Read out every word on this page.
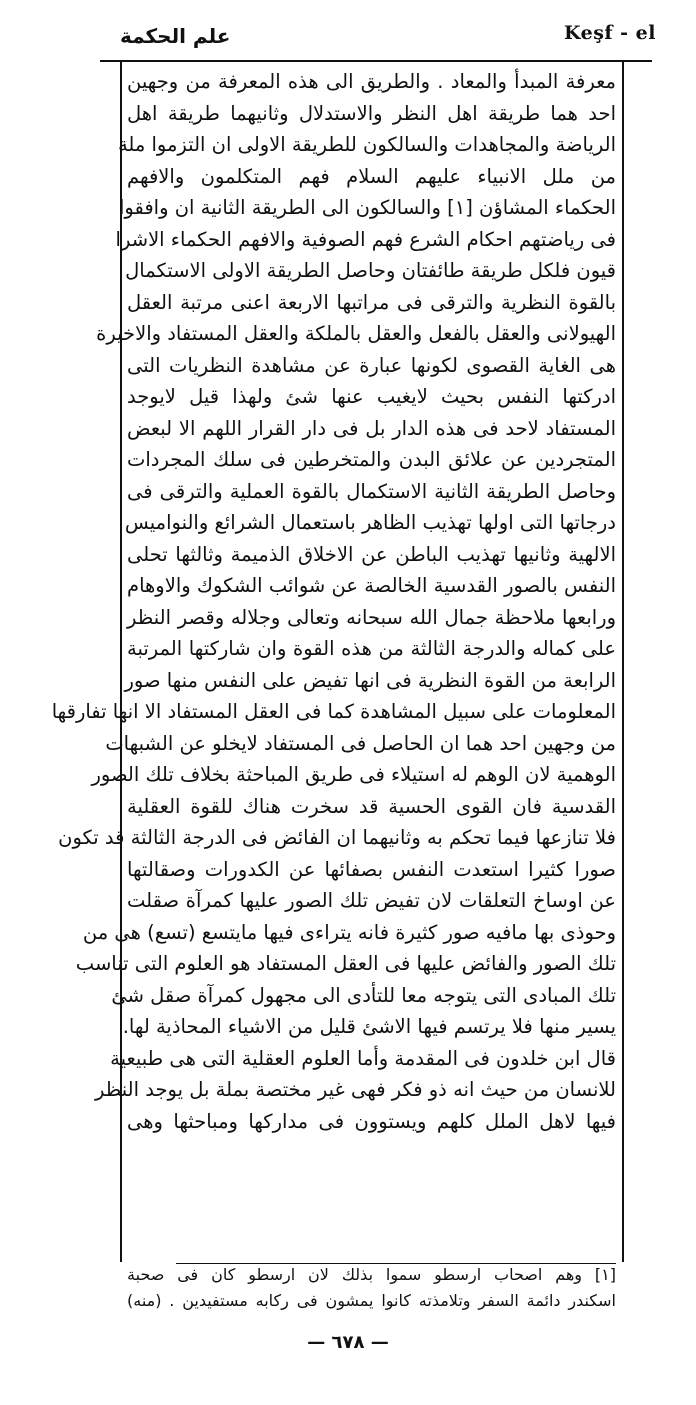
علم الحكمة	Keşf - el
معرفة المبدأ والمعاد . والطريق الى هذه المعرفة من وجهين
احد هما طريقة اهل النظر والاستدلال وثانيهما طريقة اهل
الرياضة والمجاهدات والسالكون للطريقة الاولى ان التزموا ملة
من ملل الانبياء عليهم السلام فهم المتكلمون والافهم
الحكماء المشاؤن [١] والسالكون الى الطريقة الثانية ان وافقوا
فى رياضتهم احكام الشرع فهم الصوفية والافهم الحكماء الاشرا
قيون فلكل طريقة طائفتان وحاصل الطريقة الاولى الاستكمال
بالقوة النظرية والترقى فى مراتبها الاربعة اعنى مرتبة العقل
الهيولانى والعقل بالفعل والعقل بالملكة والعقل المستفاد والاخيرة
هى الغاية القصوى لكونها عبارة عن مشاهدة النظريات التى
ادركتها النفس بحيث لايغيب عنها شئ ولهذا قيل لايوجد
المستفاد لاحد فى هذه الدار بل فى دار القرار اللهم الا لبعض
المتجردين عن علائق البدن والمتخرطين فى سلك المجردات
وحاصل الطريقة الثانية الاستكمال بالقوة العملية والترقى فى
درجاتها التى اولها تهذيب الظاهر باستعمال الشرائع والنواميس
الالهية وثانيها تهذيب الباطن عن الاخلاق الذميمة وثالثها تحلى
النفس بالصور القدسية الخالصة عن شوائب الشكوك والاوهام
ورابعها ملاحظة جمال الله سبحانه وتعالى وجلاله وقصر النظر
على كماله والدرجة الثالثة من هذه القوة وان شاركتها المرتبة
الرابعة من القوة النظرية فى انها تفيض على النفس منها صور
المعلومات على سبيل المشاهدة كما فى العقل المستفاد الا انها تفارقها
من وجهين احد هما ان الحاصل فى المستفاد لايخلو عن الشبهات
الوهمية لان الوهم له استيلاء فى طريق المباحثة بخلاف تلك الصور
القدسية فان القوى الحسية قد سخرت هناك للقوة العقلية
فلا تنازعها فيما تحكم به وثانيهما ان الفائض فى الدرجة الثالثة قد تكون
صورا كثيرا استعدت النفس بصفائها عن الكدورات وصقالتها
عن اوساخ التعلقات لان تفيض تلك الصور عليها كمرآة صقلت
وحوذى بها مافيه صور كثيرة فانه يتراءى فيها مايتسع (تسع) هى من
تلك الصور والفائض عليها فى العقل المستفاد هو العلوم التى تناسب
تلك المبادى التى يتوجه معا للتأدى الى مجهول كمرآة صقل شئ
يسير منها فلا يرتسم فيها الاشئ قليل من الاشياء المحاذية لها.
قال ابن خلدون فى المقدمة وأما العلوم العقلية التى هى طبيعية
للانسان من حيث انه ذو فكر فهى غير مختصة بملة بل يوجد النظر
فيها لاهل الملل كلهم ويستوون فى مداركها ومباحثها وهى
[١] وهم اصحاب ارسطو سموا بذلك لان ارسطو كان فى صحبة
اسكندر دائمة السفر وتلامذته كانوا يمشون فى ركابه مستفيدين . (منه)
— ٦٧٨ —
